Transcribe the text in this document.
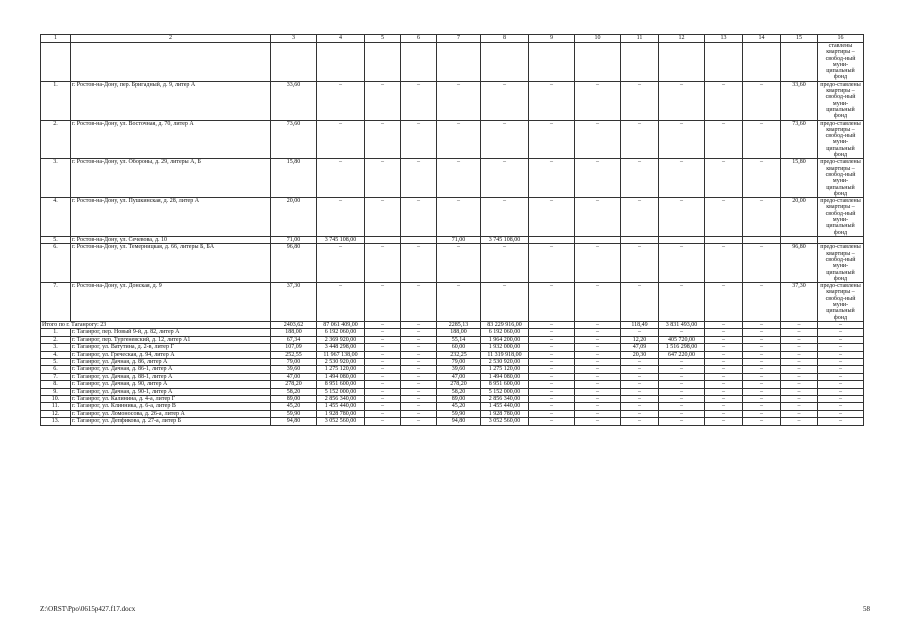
1	2	3	4	5	6	7	8	9	10	11	12	13	14	15	16
															ставлены квартиры – свобод-ный муни-ципальный фонд
1.	г. Ростов-на-Дону, пер. Бригадный, д. 9, литер А	33,60	–	–	–	–	–	–	–	–	–	–	–	33,60	предо-ставлены квартиры – свобод-ный муни-ципальный фонд
2.	г. Ростов-на-Дону, ул. Восточная, д. 70, литер А	73,60	–	–	–	–	–	–	–	–	–	–	–	73,60	предо-ставлены квартиры – свобод-ный муни-ципальный фонд
3.	г. Ростов-на-Дону, ул. Обороны, д. 29, литеры А, Б	15,80	–	–	–	–	–	–	–	–	–	–	–	15,80	предо-ставлены квартиры – свобод-ный муни-ципальный фонд
4.	г. Ростов-на-Дону, ул. Пушкинская, д. 28, литер А	20,00	–	–	–	–	–	–	–	–	–	–	–	20,00	предо-ставлены квартиры – свобод-ный муни-ципальный фонд
5.	г. Ростов-на-Дону, ул. Сечевова, д. 10	71,00	3 745 108,00			71,00	3 745 108,00								
6.	г. Ростов-на-Дону, ул. Темерницкая, д. 66, литеры Б, БА	96,80	–	–	–	–	–	–	–	–	–	–	–	96,80	предо-ставлены квартиры – свобод-ный муни-ципальный фонд
7.	г. Ростов-на-Дону, ул. Донская, д. 9	37,30	–	–	–	–	–	–	–	–	–	–	–	37,30	предо-ставлены квартиры – свобод-ный муни-ципальный фонд
Итого по г. Таганрогу: 23		2403,62	87 061 409,00	–	–	2285,13	83 229 916,00	–	–	118,49	3 831 493,00	–	–	–	–
1.	г. Таганрог, пер. Новый 9-й, д. 82, литер А	188,00	6 192 060,00	–	–	188,00	6 192 060,00	–	–	–	–	–	–	–	–
2.	г. Таганрог, пер. Тургеневский, д. 12, литер А1	67,34	2 369 920,00	–	–	55,14	1 964 200,00	–	–	12,20	405 720,00	–	–	–	–
3.	г. Таганрог, ул. Ватутина, д. 2-в, литер Г	107,09	3 448 298,00	–	–	60,00	1 932 000,00	–	–	47,09	1 516 298,00	–	–	–	–
4.	г. Таганрог, ул. Греческая, д. 94, литер А	252,55	11 967 138,00	–	–	232,25	11 319 918,00	–	–	20,30	647 220,00	–	–	–	–
5.	г. Таганрог, ул. Дачная, д. 86, литер А	79,00	2 530 920,00	–	–	79,00	2 530 920,00	–	–	–	–	–	–	–	–
6.	г. Таганрог, ул. Дачная, д. 86-1, литер А	39,60	1 275 120,00	–	–	39,60	1 275 120,00	–	–	–	–	–	–	–	–
7.	г. Таганрог, ул. Дачная, д. 88-1, литер А	47,00	1 494 080,00	–	–	47,00	1 494 080,00	–	–	–	–	–	–	–	–
8.	г. Таганрог, ул. Дачная, д. 90, литер А	278,20	8 951 600,00	–	–	278,20	8 951 600,00	–	–	–	–	–	–	–	–
9.	г. Таганрог, ул. Дачная, д. 90-1, литер А	58,20	5 152 000,00	–	–	58,20	5 152 000,00	–	–	–	–	–	–	–	–
10.	г. Таганрог, ул. Калинина, д. 4-а, литер Г	89,00	2 856 340,00	–	–	89,00	2 856 340,00	–	–	–	–	–	–	–	–
11.	г. Таганрог, ул. Клинника, д. 6-а, литер В	45,20	1 455 440,00	–	–	45,20	1 455 440,00	–	–	–	–	–	–	–	–
12.	г. Таганрог, ул. Ломоносова, д. 26-а, литер А	59,90	1 928 780,00	–	–	59,90	1 928 780,00	–	–	–	–	–	–	–	–
13.	г. Таганрог, ул. Депфикова, д. 27-а, литер Б	94,80	3 052 560,00	–	–	94,80	3 052 560,00	–	–	–	–	–	–	–	–
Z:\ORST\Ppo\0615p427.f17.docx	58
